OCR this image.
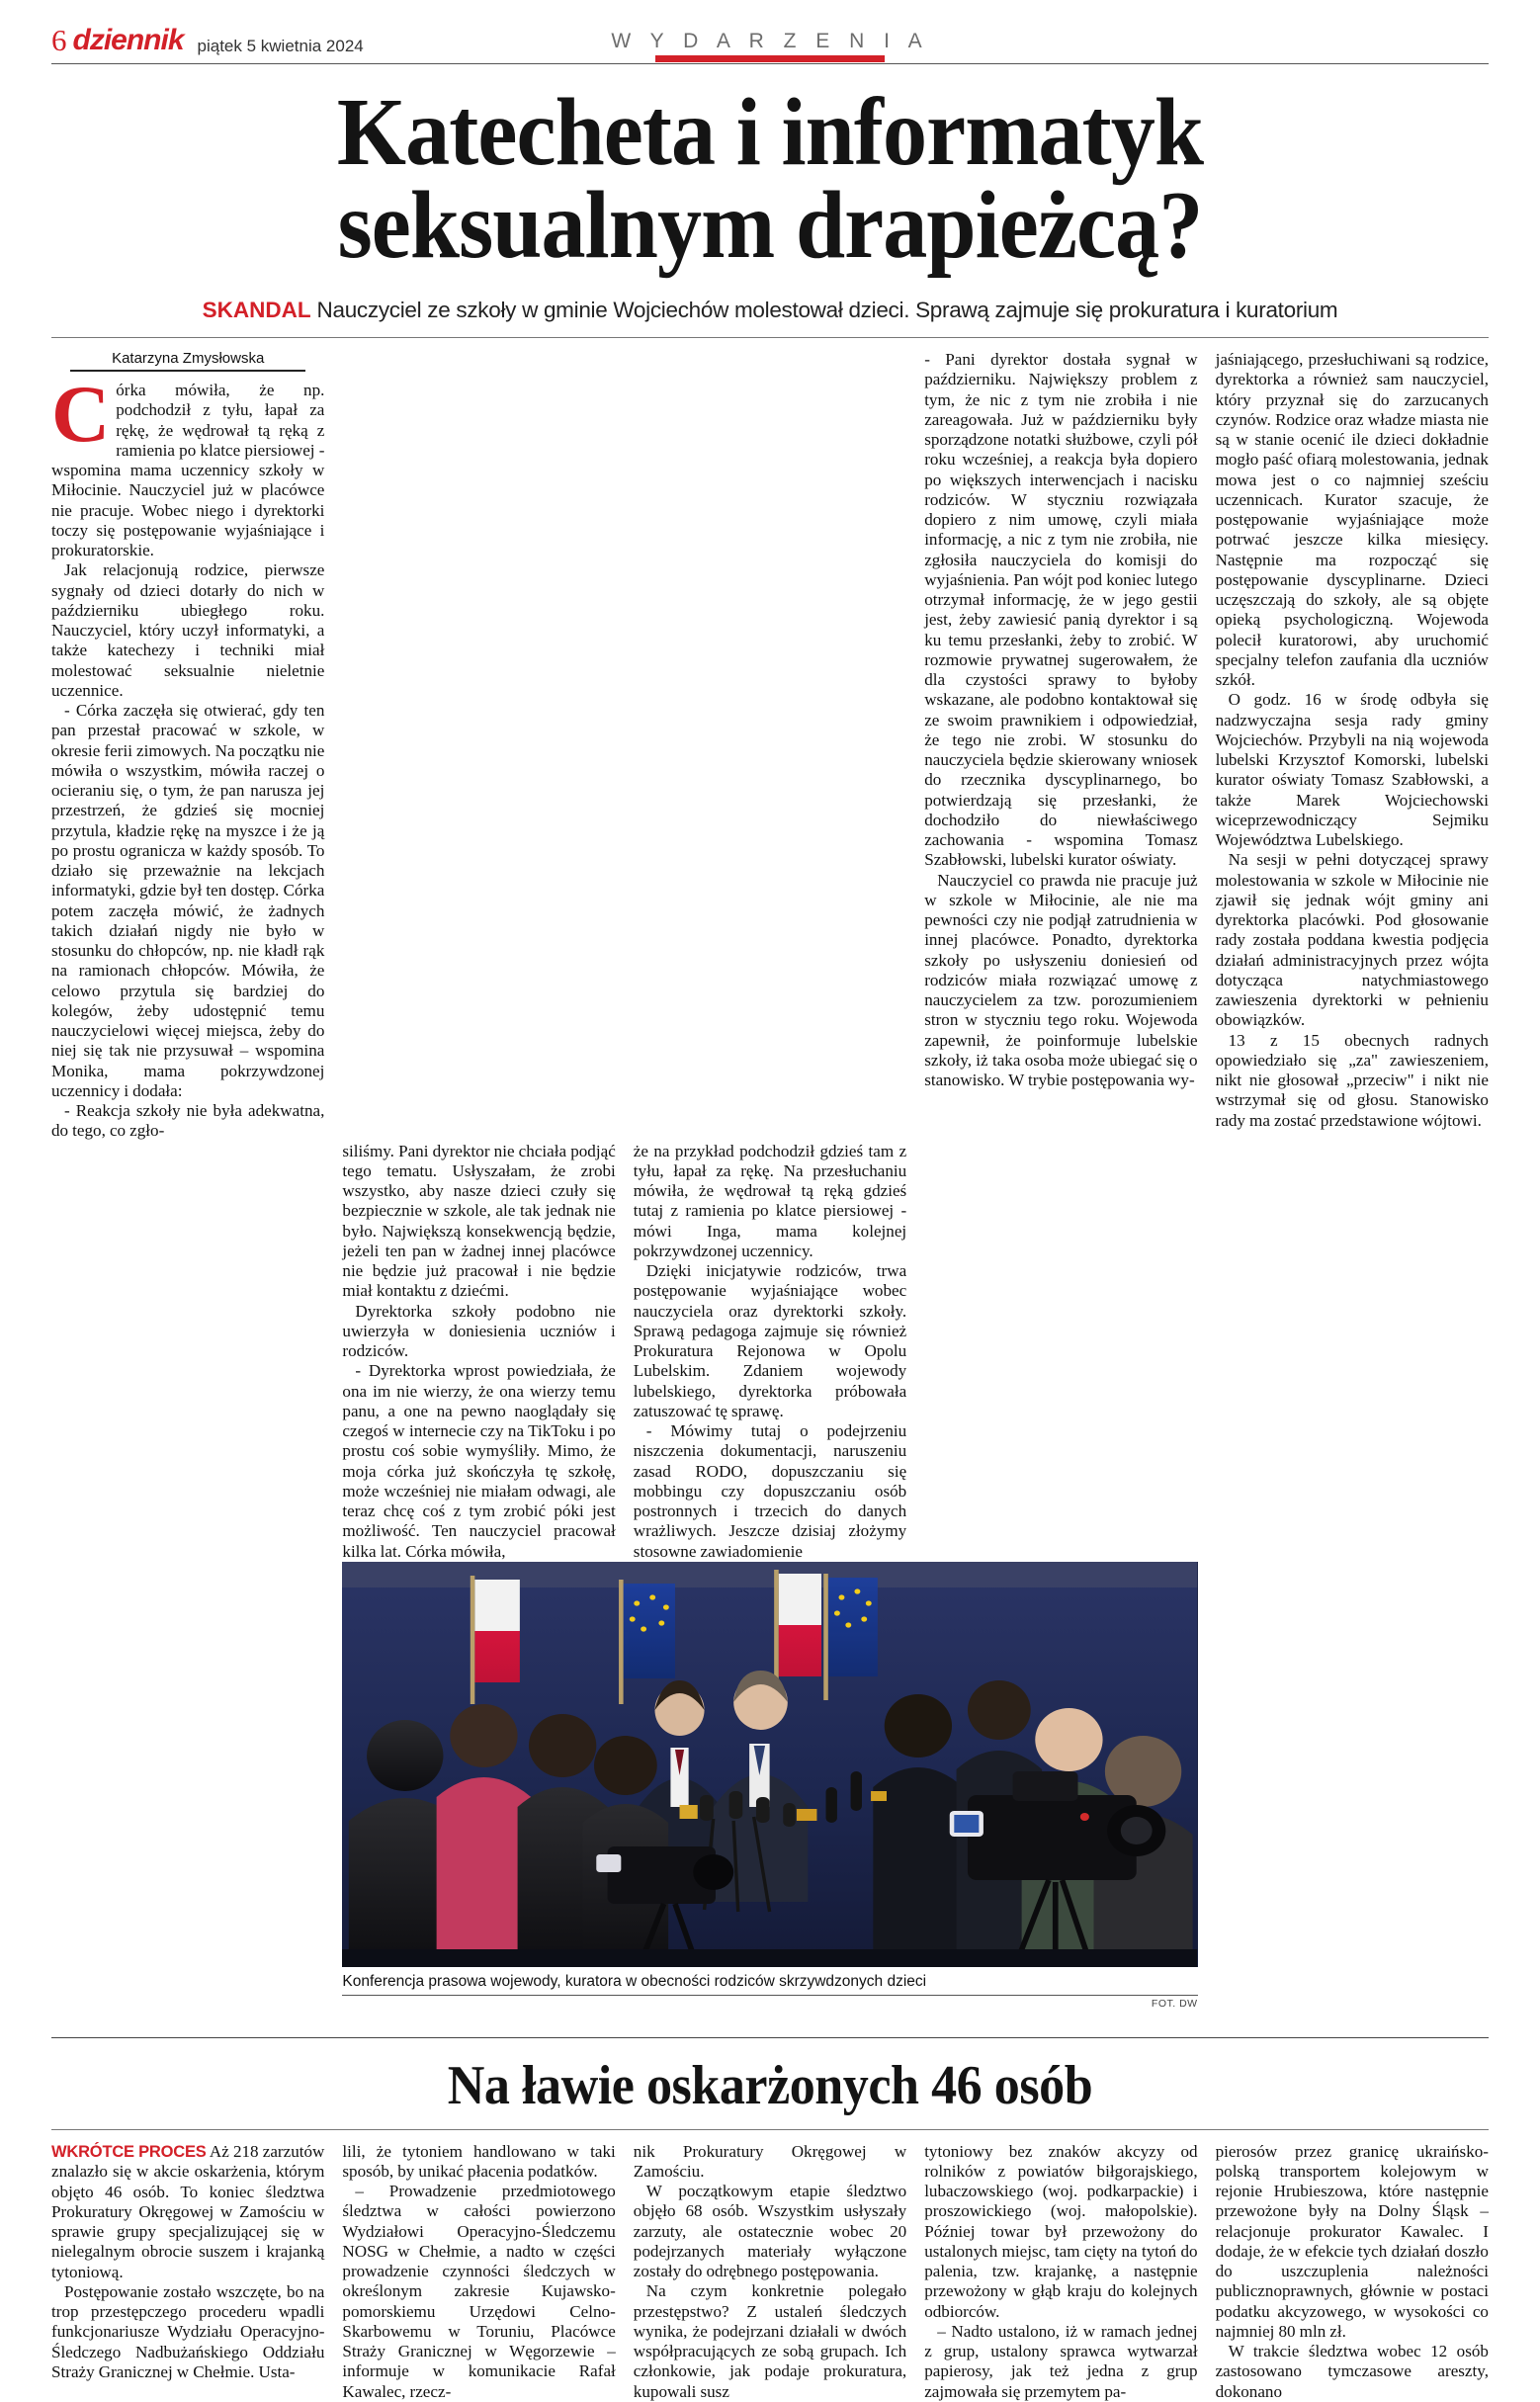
6 dziennik piątek 5 kwietnia 2024	W Y D A R Z E N I A
Katecheta i informatyk
seksualnym drapieżcą?
SKANDAL Nauczyciel ze szkoły w gminie Wojciechów molestował dzieci. Sprawą zajmuje się prokuratura i kuratorium
Katarzyna Zmysłowska

Córka mówiła, że np. podchodził z tyłu, łapał za rękę, że wędrował tą ręką z ramienia po klatce piersiowej - wspomina mama uczennicy szkoły w Miłocinie. Nauczyciel już w placówce nie pracuje. Wobec niego i dyrektorki toczy się postępowanie wyjaśniające i prokuratorskie.

Jak relacjonują rodzice, pierwsze sygnały od dzieci dotarły do nich w październiku ubiegłego roku. Nauczyciel, który uczył informatyki, a także katechezy i techniki miał molestować seksualnie nieletnie uczennice.

- Córka zaczęła się otwierać, gdy ten pan przestał pracować w szkole, w okresie ferii zimowych. Na początku nie mówiła o wszystkim, mówiła raczej o ocieraniu się, o tym, że pan narusza jej przestrzeń, że gdzieś się mocniej przytula, kładzie rękę na myszce i że ją po prostu ogranicza w każdy sposób. To działo się przeważnie na lekcjach informatyki, gdzie był ten dostęp. Córka potem zaczęła mówić, że żadnych takich działań nigdy nie było w stosunku do chłopców, np. nie kładł rąk na ramionach chłopców. Mówiła, że celowo przytula się bardziej do kolegów, żeby udostępnić temu nauczycielowi więcej miejsca, żeby do niej się tak nie przysuwał – wspomina Monika, mama pokrzywdzonej uczennicy i dodała:

- Reakcja szkoły nie była adekwatna, do tego, co zgło-

Konferencja prasowa wojewody, kuratora w obecności rodziców skrzywdzonych dzieci
FOT. DW

jaśniającego, przesłuchiwani są rodzice, dyrektorka a również sam nauczyciel, który przyznał się do zarzucanych czynów. Rodzice oraz władze miasta nie są w stanie ocenić ile dzieci dokładnie mogło paść ofiarą molestowania, jednak mowa jest o co najmniej sześciu uczennicach. Kurator szacuje, że postępowanie wyjaśniające może potrwać jeszcze kilka miesięcy. Następnie ma rozpocząć się postępowanie dyscyplinarne. Dzieci uczęszczają do szkoły, ale są objęte opieką psychologiczną. Wojewoda polecił kuratorowi, aby uruchomić specjalny telefon zaufania dla uczniów szkół.

O godz. 16 w środę odbyła się nadzwyczajna sesja rady gminy Wojciechów. Przybyli na nią wojewoda lubelski Krzysztof Komorski, lubelski kurator oświaty Tomasz Szabłowski, a także Marek Wojciechowski wiceprzewodniczący Sejmiku Województwa Lubelskiego.

Na sesji w pełni dotyczącej sprawy molestowania w szkole w Miłocinie nie zjawił się jednak wójt gminy ani dyrektorka placówki. Pod głosowanie rady została poddana kwestia podjęcia działań administracyjnych przez wójta dotycząca natychmiastowego zawieszenia dyrektorki w pełnieniu obowiązków.

13 z 15 obecnych radnych opowiedziało się „za" zawieszeniem, nikt nie głosował „przeciw" i nikt nie wstrzymał się od głosu. Stanowisko rady ma zostać przedstawione wójtowi.

- Pani dyrektor dostała sygnał w październiku. Największy problem z tym, że nic z tym nie zrobiła i nie zareagowała. Już w październiku były sporządzone notatki służbowe, czyli pół roku wcześniej, a reakcja była dopiero po większych interwencjach i nacisku rodziców. W styczniu rozwiązała dopiero z nim umowę, czyli miała informację, a nic z tym nie zrobiła, nie zgłosiła nauczyciela do komisji do wyjaśnienia. Pan wójt pod koniec lutego otrzymał informację, że w jego gestii jest, żeby zawiesić panią dyrektor i są ku temu przesłanki, żeby to zrobić. W rozmowie prywatnej sugerowałem, że dla czystości sprawy to byłoby wskazane, ale podobno kontaktował się ze swoim prawnikiem i odpowiedział, że tego nie zrobi. W stosunku do nauczyciela będzie skierowany wniosek do rzecznika dyscyplinarnego, bo potwierdzają się przesłanki, że dochodziło do niewłaściwego zachowania - wspomina Tomasz Szabłowski, lubelski kurator oświaty.

Nauczyciel co prawda nie pracuje już w szkole w Miłocinie, ale nie ma pewności czy nie podjął zatrudnienia w innej placówce. Ponadto, dyrektorka szkoły po usłyszeniu doniesień od rodziców miała rozwiązać umowę z nauczycielem za tzw. porozumieniem stron w styczniu tego roku. Wojewoda zapewnił, że poinformuje lubelskie szkoły, iż taka osoba może ubiegać się o stanowisko. W trybie postępowania wy-

siliśmy. Pani dyrektor nie chciała podjąć tego tematu. Usłyszałam, że zrobi wszystko, aby nasze dzieci czuły się bezpiecznie w szkole, ale tak jednak nie było. Największą konsekwencją będzie, jeżeli ten pan w żadnej innej placówce nie będzie już pracował i nie będzie miał kontaktu z dziećmi.

Dyrektorka szkoły podobno nie uwierzyła w doniesienia uczniów i rodziców.

- Dyrektorka wprost powiedziała, że ona im nie wierzy, że ona wierzy temu panu, a one na pewno naoglądały się czegoś w internecie czy na TikToku i po prostu coś sobie wymyśliły. Mimo, że moja córka już skończyła tę szkołę, może wcześniej nie miałam odwagi, ale teraz chcę coś z tym zrobić póki jest możliwość. Ten nauczyciel pracował kilka lat. Córka mówiła,

że na przykład podchodził gdzieś tam z tyłu, łapał za rękę. Na przesłuchaniu mówiła, że wędrował tą ręką gdzieś tutaj z ramienia po klatce piersiowej - mówi Inga, mama kolejnej pokrzywdzonej uczennicy.

Dzięki inicjatywie rodziców, trwa postępowanie wyjaśniające wobec nauczyciela oraz dyrektorki szkoły. Sprawą pedagoga zajmuje się również Prokuratura Rejonowa w Opolu Lubelskim. Zdaniem wojewody lubelskiego, dyrektorka próbowała zatuszować tę sprawę.

- Mówimy tutaj o podejrzeniu niszczenia dokumentacji, naruszeniu zasad RODO, dopuszczaniu się mobbingu czy dopuszczaniu osób postronnych i trzecich do danych wrażliwych. Jeszcze dzisiaj złożymy stosowne zawiadomienie

Na ławie oskarżonych 46 osób

WKRÓTCE PROCES Aż 218 zarzutów znalazło się w akcie oskarżenia, którym objęto 46 osób. To koniec śledztwa Prokuratury Okręgowej w Zamościu w sprawie grupy specjalizującej się w nielegalnym obrocie suszem i krajanką tytoniową.

Postępowanie zostało wszczęte, bo na trop przestępczego procederu wpadli funkcjonariusze Wydziału Operacyjno-Śledczego Nadbużańskiego Oddziału Straży Granicznej w Chełmie. Usta-

lili, że tytoniem handlowano w taki sposób, by unikać płacenia podatków.

– Prowadzenie przedmiotowego śledztwa w całości powierzono Wydziałowi Operacyjno-Śledczemu NOSG w Chełmie, a nadto w części prowadzenie czynności śledczych w określonym zakresie Kujawsko-pomorskiemu Urzędowi Celno-Skarbowemu w Toruniu, Placówce Straży Granicznej w Węgorzewie – informuje w komunikacie Rafał Kawalec, rzecz-

nik Prokuratury Okręgowej w Zamościu.

W początkowym etapie śledztwo objęło 68 osób. Wszystkim usłyszały zarzuty, ale ostatecznie wobec 20 podejrzanych materiały wyłączone zostały do odrębnego postępowania.

Na czym konkretnie polegało przestępstwo? Z ustaleń śledczych wynika, że podejrzani działali w dwóch współpracujących ze sobą grupach. Ich członkowie, jak podaje prokuratura, kupowali susz

tytoniowy bez znaków akcyzy od rolników z powiatów biłgorajskiego, lubaczowskiego (woj. podkarpackie) i proszowickiego (woj. małopolskie). Później towar był przewożony do ustalonych miejsc, tam cięty na tytoń do palenia, tzw. krajankę, a następnie przewożony w głąb kraju do kolejnych odbiorców.

– Nadto ustalono, iż w ramach jednej z grup, ustalony sprawca wytwarzał papierosy, jak też jedna z grup zajmowała się przemytem pa-

pierosów przez granicę ukraińsko-polską transportem kolejowym w rejonie Hrubieszowa, które następnie przewożone były na Dolny Śląsk – relacjonuje prokurator Kawalec. I dodaje, że w efekcie tych działań doszło do uszczuplenia należności publicznoprawnych, głównie w postaci podatku akcyzowego, w wysokości co najmniej 80 mln zł.

W trakcie śledztwa wobec 12 osób zastosowano tymczasowe areszty, dokonano
